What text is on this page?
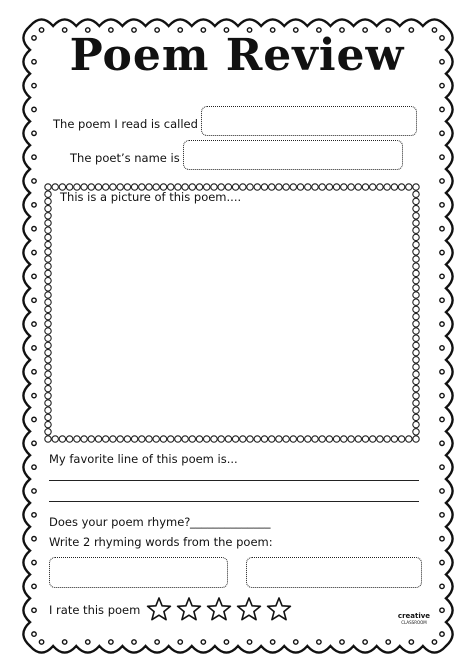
Poem Review
The poem I read is called
The poet’s name is
This is a picture of this poem....
My favorite line of this poem is...
Does your poem rhyme? ______________
Write 2 rhyming words from the poem:
I rate this poem	creative
CLASSROOM
